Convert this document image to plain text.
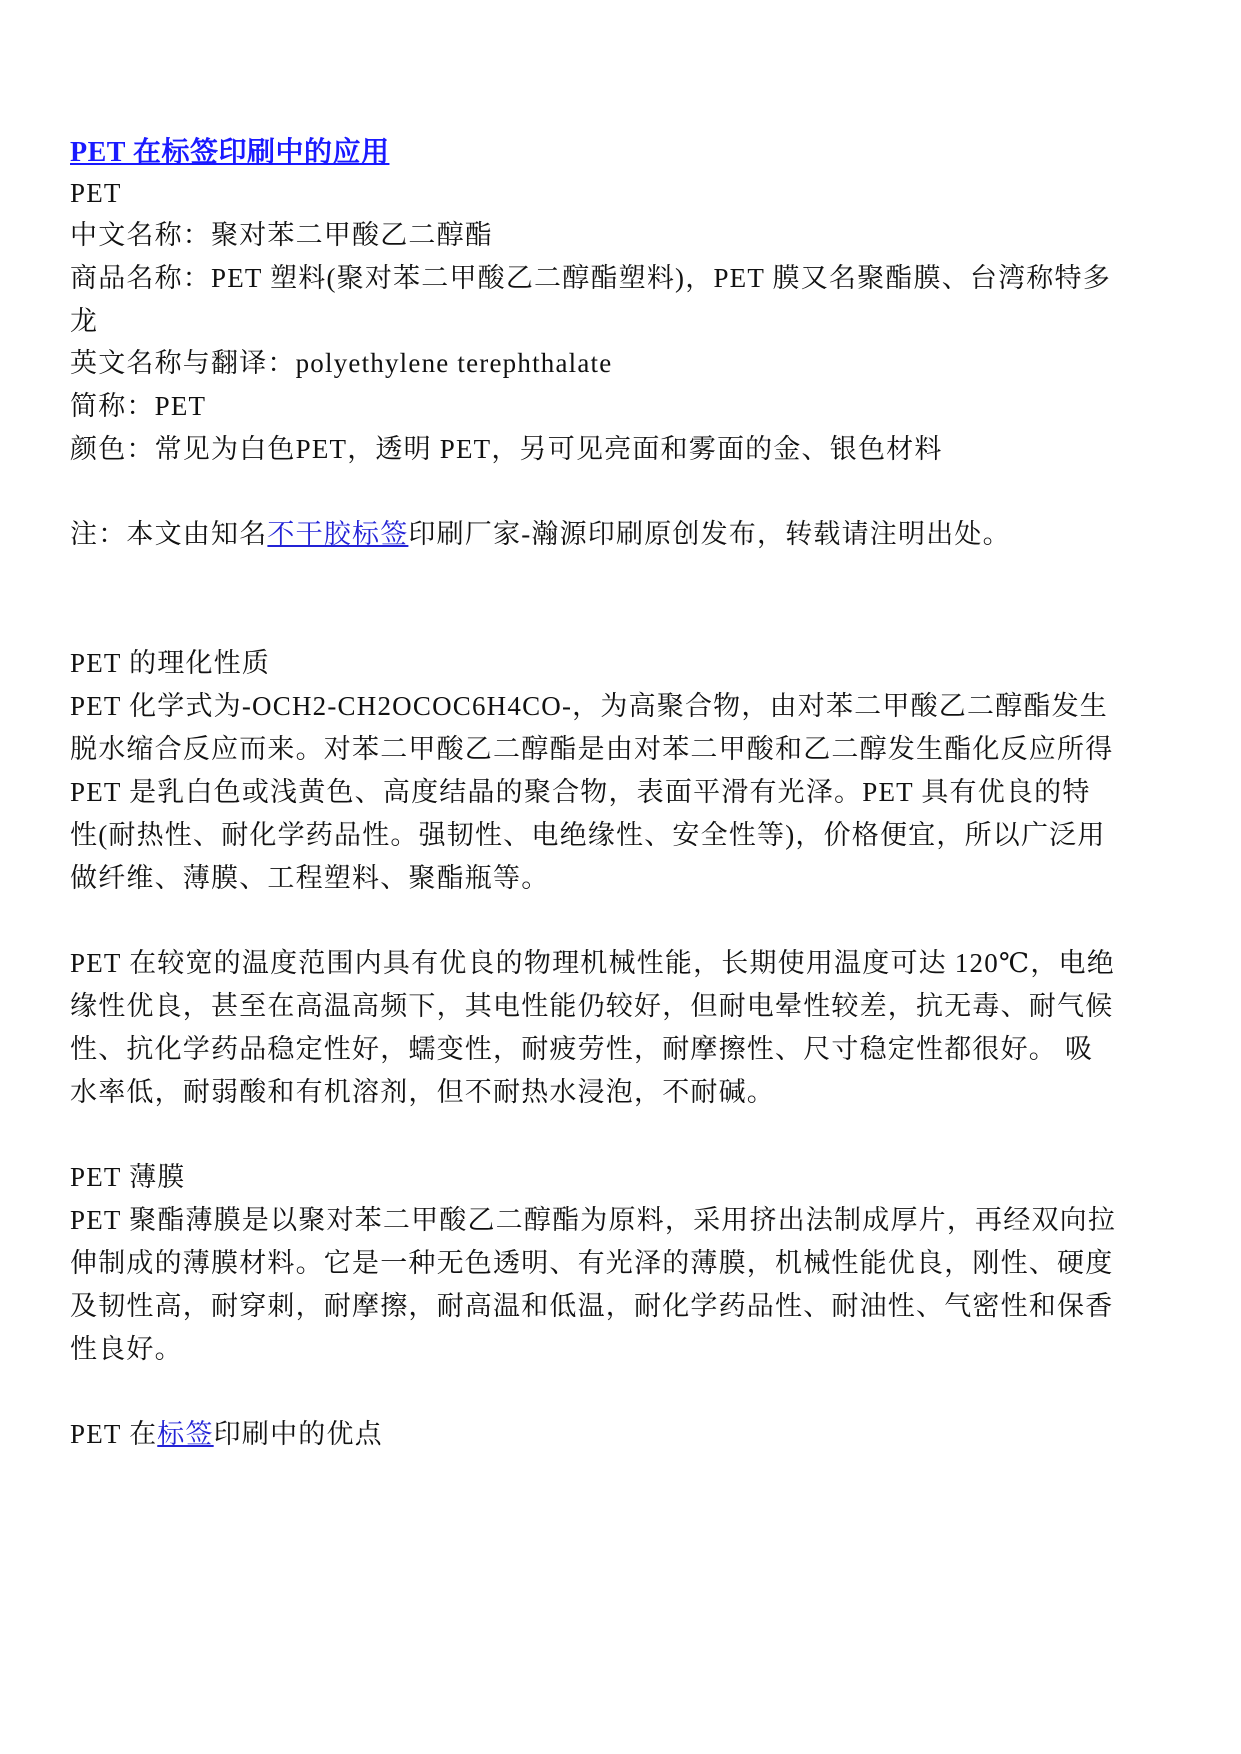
PET 在标签印刷中的应用
PET
中文名称：聚对苯二甲酸乙二醇酯
商品名称：PET 塑料(聚对苯二甲酸乙二醇酯塑料)，PET 膜又名聚酯膜、台湾称特多
龙
英文名称与翻译：polyethylene terephthalate
简称：PET
颜色：常见为白色PET，透明 PET，另可见亮面和雾面的金、银色材料
注：本文由知名不干胶标签印刷厂家-瀚源印刷原创发布，转载请注明出处。
PET 的理化性质
PET 化学式为-OCH2-CH2OCOC6H4CO-，为高聚合物，由对苯二甲酸乙二醇酯发生
脱水缩合反应而来。对苯二甲酸乙二醇酯是由对苯二甲酸和乙二醇发生酯化反应所得
PET 是乳白色或浅黄色、高度结晶的聚合物，表面平滑有光泽。PET 具有优良的特
性(耐热性、耐化学药品性。强韧性、电绝缘性、安全性等)，价格便宜，所以广泛用
做纤维、薄膜、工程塑料、聚酯瓶等。
PET 在较宽的温度范围内具有优良的物理机械性能，长期使用温度可达 120℃，电绝
缘性优良，甚至在高温高频下，其电性能仍较好，但耐电晕性较差，抗无毒、耐气候
性、抗化学药品稳定性好，蠕变性，耐疲劳性，耐摩擦性、尺寸稳定性都很好。 吸
水率低，耐弱酸和有机溶剂，但不耐热水浸泡，不耐碱。
PET 薄膜
PET 聚酯薄膜是以聚对苯二甲酸乙二醇酯为原料，采用挤出法制成厚片，再经双向拉
伸制成的薄膜材料。它是一种无色透明、有光泽的薄膜，机械性能优良，刚性、硬度
及韧性高，耐穿刺，耐摩擦，耐高温和低温，耐化学药品性、耐油性、气密性和保香
性良好。
PET 在标签印刷中的优点
